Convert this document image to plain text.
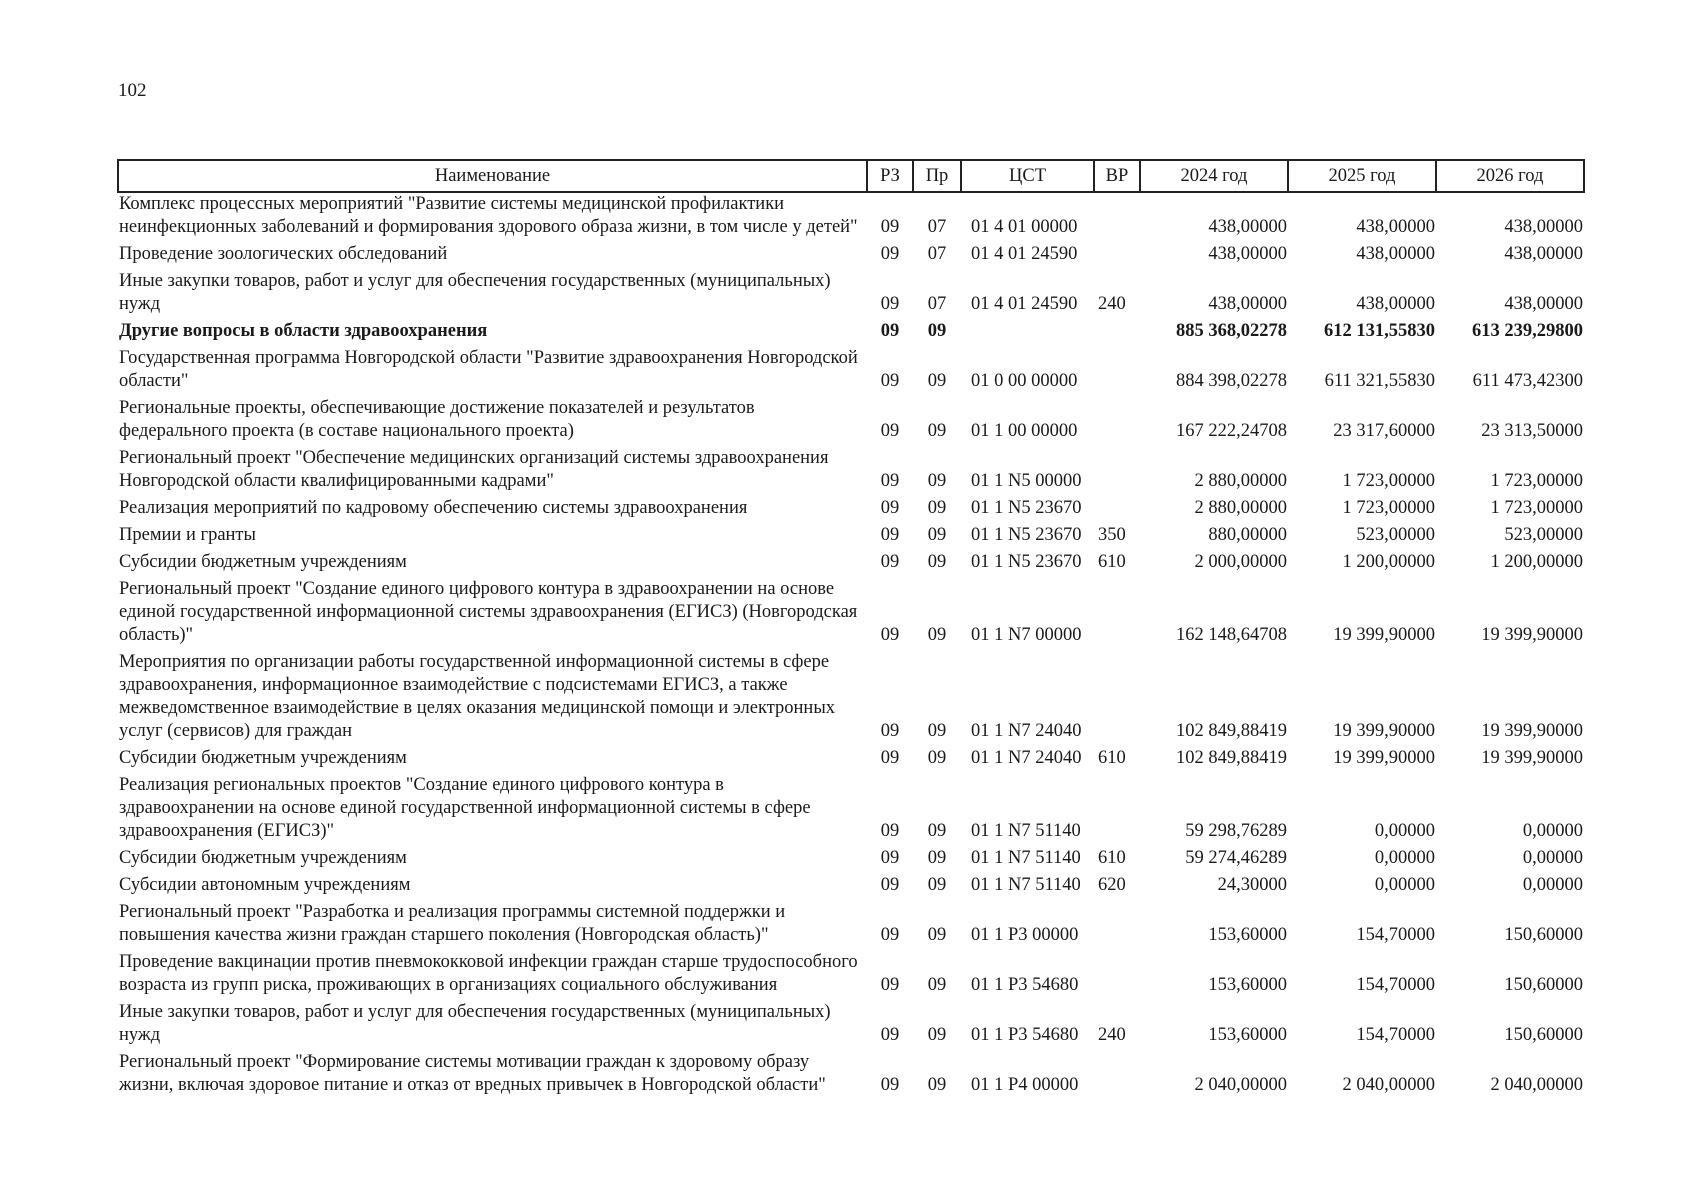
102
Наименование	РЗ	Пр	ЦСТ	ВР	2024 год	2025 год	2026 год
Комплекс процессных мероприятий "Развитие системы медицинской профилактики неинфекционных заболеваний и формирования здорового образа жизни, в том числе у детей"	09	07	01 4 01 00000		438,00000	438,00000	438,00000
Проведение зоологических обследований	09	07	01 4 01 24590		438,00000	438,00000	438,00000
Иные закупки товаров, работ и услуг для обеспечения государственных (муниципальных) нужд	09	07	01 4 01 24590	240	438,00000	438,00000	438,00000
Другие вопросы в области здравоохранения	09	09			885 368,02278	612 131,55830	613 239,29800
Государственная программа Новгородской области "Развитие здравоохранения Новгородской области"	09	09	01 0 00 00000		884 398,02278	611 321,55830	611 473,42300
Региональные проекты, обеспечивающие достижение показателей и результатов федерального проекта (в составе национального проекта)	09	09	01 1 00 00000		167 222,24708	23 317,60000	23 313,50000
Региональный проект "Обеспечение медицинских организаций системы здравоохранения Новгородской области квалифицированными кадрами"	09	09	01 1 N5 00000		2 880,00000	1 723,00000	1 723,00000
Реализация мероприятий по кадровому обеспечению системы здравоохранения	09	09	01 1 N5 23670		2 880,00000	1 723,00000	1 723,00000
Премии и гранты	09	09	01 1 N5 23670	350	880,00000	523,00000	523,00000
Субсидии бюджетным учреждениям	09	09	01 1 N5 23670	610	2 000,00000	1 200,00000	1 200,00000
Региональный проект "Создание единого цифрового контура в здравоохранении на основе единой государственной информационной системы здравоохранения (ЕГИСЗ) (Новгородская область)"	09	09	01 1 N7 00000		162 148,64708	19 399,90000	19 399,90000
Мероприятия по организации работы государственной информационной системы в сфере здравоохранения, информационное взаимодействие с подсистемами ЕГИСЗ, а также межведомственное взаимодействие в целях оказания медицинской помощи и электронных услуг (сервисов) для граждан	09	09	01 1 N7 24040		102 849,88419	19 399,90000	19 399,90000
Субсидии бюджетным учреждениям	09	09	01 1 N7 24040	610	102 849,88419	19 399,90000	19 399,90000
Реализация региональных проектов "Создание единого цифрового контура в здравоохранении на основе единой государственной информационной системы в сфере здравоохранения (ЕГИСЗ)"	09	09	01 1 N7 51140		59 298,76289	0,00000	0,00000
Субсидии бюджетным учреждениям	09	09	01 1 N7 51140	610	59 274,46289	0,00000	0,00000
Субсидии автономным учреждениям	09	09	01 1 N7 51140	620	24,30000	0,00000	0,00000
Региональный проект "Разработка и реализация программы системной поддержки и повышения качества жизни граждан старшего поколения (Новгородская область)"	09	09	01 1 P3 00000		153,60000	154,70000	150,60000
Проведение вакцинации против пневмококковой инфекции граждан старше трудоспособного возраста из групп риска, проживающих в организациях социального обслуживания	09	09	01 1 P3 54680		153,60000	154,70000	150,60000
Иные закупки товаров, работ и услуг для обеспечения государственных (муниципальных) нужд	09	09	01 1 P3 54680	240	153,60000	154,70000	150,60000
Региональный проект "Формирование системы мотивации граждан к здоровому образу жизни, включая здоровое питание и отказ от вредных привычек в Новгородской области"	09	09	01 1 P4 00000		2 040,00000	2 040,00000	2 040,00000
